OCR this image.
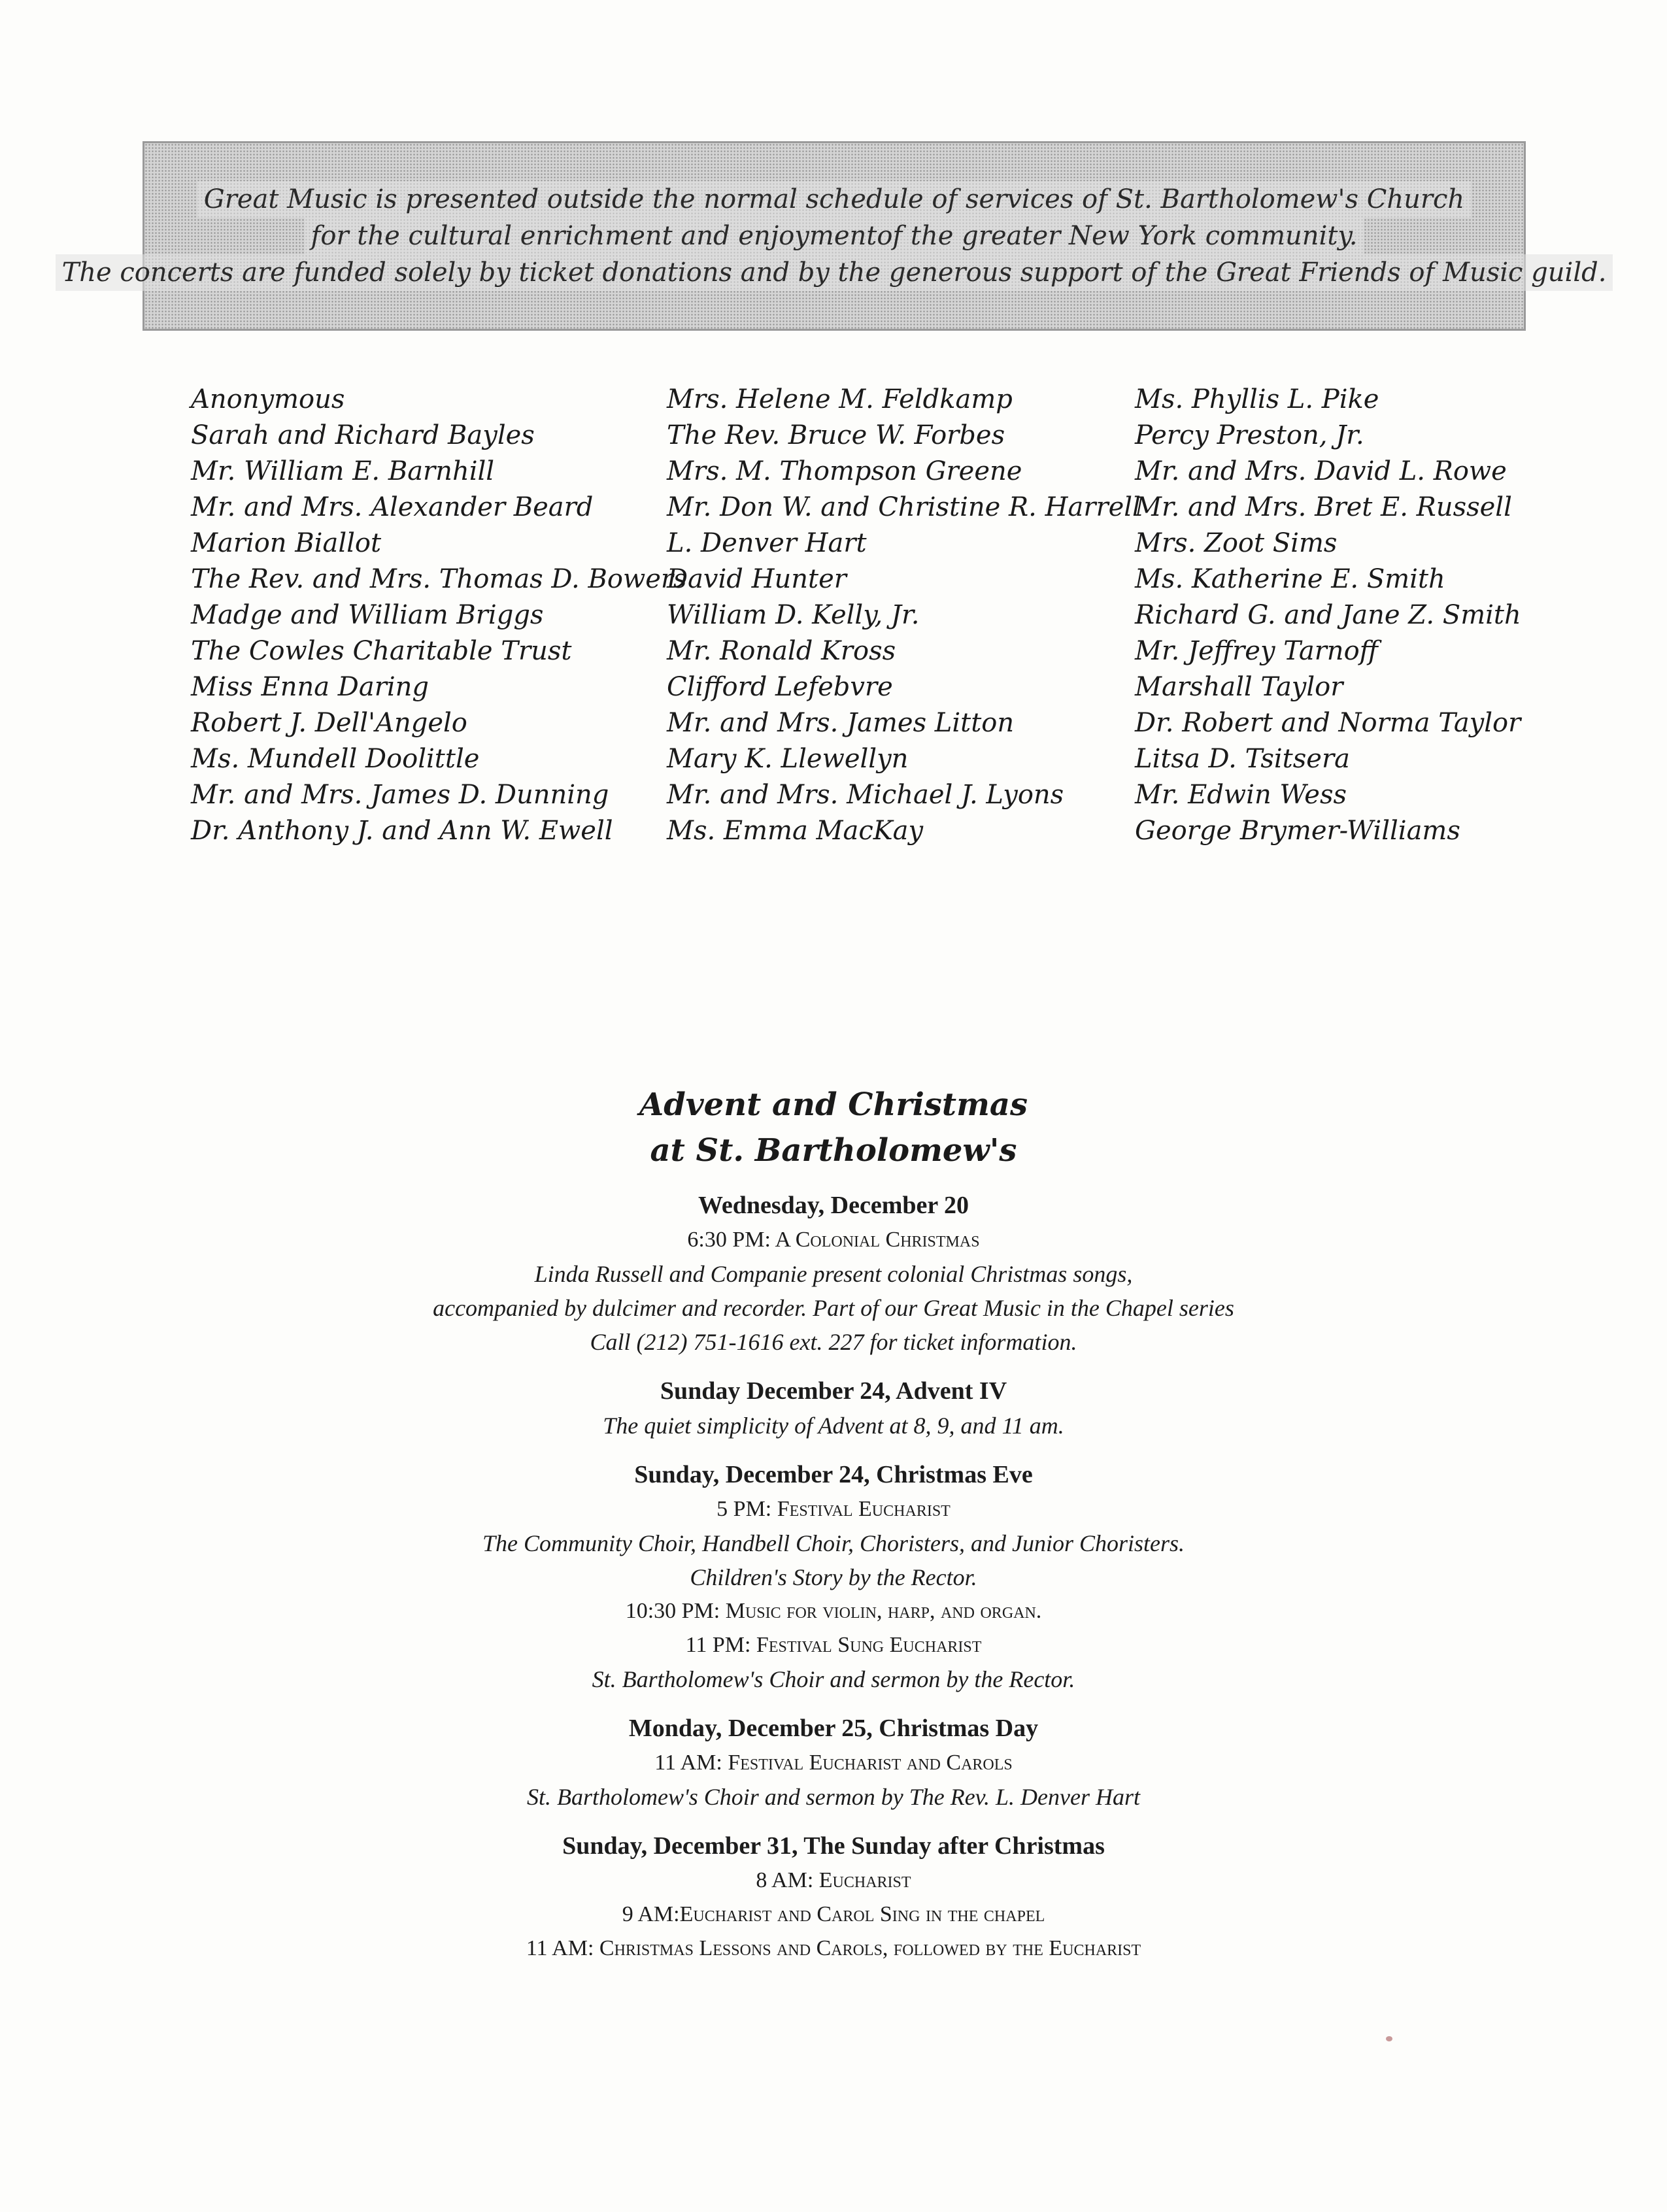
Great Music is presented outside the normal schedule of services of St. Bartholomew's Church
for the cultural enrichment and enjoymentof the greater New York community.
The concerts are funded solely by ticket donations and by the generous support of the Great Friends of Music guild.
Anonymous
Sarah and Richard Bayles
Mr. William E. Barnhill
Mr. and Mrs. Alexander Beard
Marion Biallot
The Rev. and Mrs. Thomas D. Bowers
Madge and William Briggs
The Cowles Charitable Trust
Miss Enna Daring
Robert J. Dell'Angelo
Ms. Mundell Doolittle
Mr. and Mrs. James D. Dunning
Dr. Anthony J. and Ann W. Ewell
Mrs. Helene M. Feldkamp
The Rev. Bruce W. Forbes
Mrs. M. Thompson Greene
Mr. Don W. and Christine R. Harrell
L. Denver Hart
David Hunter
William D. Kelly, Jr.
Mr. Ronald Kross
Clifford Lefebvre
Mr. and Mrs. James Litton
Mary K. Llewellyn
Mr. and Mrs. Michael J. Lyons
Ms. Emma MacKay
Ms. Phyllis L. Pike
Percy Preston, Jr.
Mr. and Mrs. David L. Rowe
Mr. and Mrs. Bret E. Russell
Mrs. Zoot Sims
Ms. Katherine E. Smith
Richard G. and Jane Z. Smith
Mr. Jeffrey Tarnoff
Marshall Taylor
Dr. Robert and Norma Taylor
Litsa D. Tsitsera
Mr. Edwin Wess
George Brymer-Williams
Advent and Christmas
at St. Bartholomew's
Wednesday, December 20
6:30 PM: A Colonial Christmas
Linda Russell and Companie present colonial Christmas songs,
accompanied by dulcimer and recorder. Part of our Great Music in the Chapel series
Call (212) 751-1616 ext. 227 for ticket information.
Sunday December 24, Advent IV
The quiet simplicity of Advent at 8, 9, and 11 am.
Sunday, December 24, Christmas Eve
5 PM: Festival Eucharist
The Community Choir, Handbell Choir, Choristers, and Junior Choristers.
Children's Story by the Rector.
10:30 PM: Music for violin, harp, and organ.
11 PM: Festival Sung Eucharist
St. Bartholomew's Choir and sermon by the Rector.
Monday, December 25, Christmas Day
11 AM: Festival Eucharist and Carols
St. Bartholomew's Choir and sermon by The Rev. L. Denver Hart
Sunday, December 31, The Sunday after Christmas
8 AM: Eucharist
9 AM:Eucharist and Carol Sing in the chapel
11 AM: Christmas Lessons and Carols, followed by the Eucharist
